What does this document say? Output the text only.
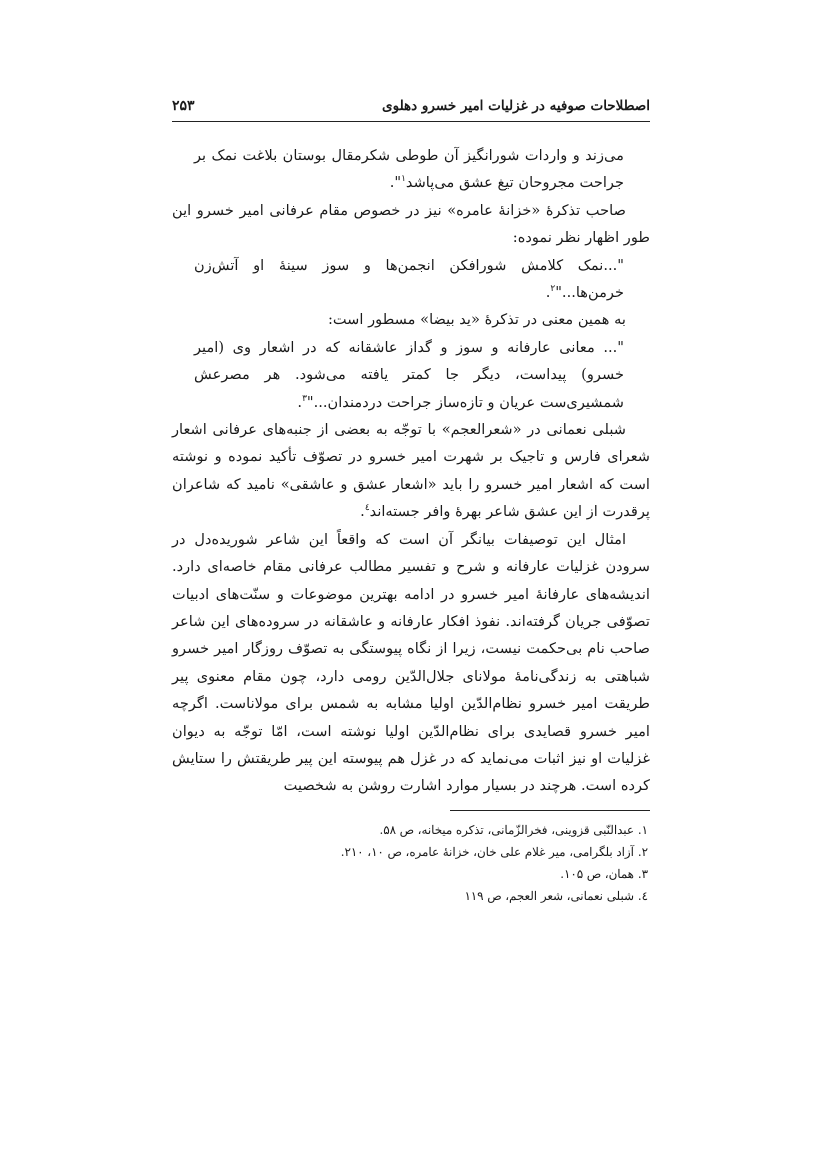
اصطلاحات صوفیه در غزلیات امیر خسرو دهلوی
۲۵۳

می‌زند و واردات شورانگیز آن طوطی شکرمقال بوستان بلاغت نمک بر جراحت مجروحان تیغ عشق می‌پاشد$^۱$".

صاحب تذکرهٔ «خزانهٔ عامره» نیز در خصوص مقام عرفانی امیر خسرو این طور اظهار نظر نموده:

"...نمک کلامش شورافکن انجمن‌ها و سوز سینهٔ او آتش‌زن خرمن‌ها..."$^۲$.

به همین معنی در تذکرهٔ «ید بیضا» مسطور است:

"... معانی عارفانه و سوز و گداز عاشقانه که در اشعار وی (امیر خسرو) پیداست، دیگر جا کمتر یافته می‌شود. هر مصرعش شمشیری‌ست عریان و تازه‌ساز جراحت دردمندان..."$^۳$.

شبلی نعمانی در «شعرالعجم» با توجّه به بعضی از جنبه‌های عرفانی اشعار شعرای فارس و تاجیک بر شهرت امیر خسرو در تصوّف تأکید نموده و نوشته است که اشعار امیر خسرو را باید «اشعار عشق و عاشقی» نامید که شاعران پرقدرت از این عشق شاعر بهرهٔ وافر جسته‌اند$^٤$.

امثال این توصیفات بیانگر آن است که واقعاً این شاعر شوریده‌دل در سرودن غزلیات عارفانه و شرح و تفسیر مطالب عرفانی مقام خاصه‌ای دارد. اندیشه‌های عارفانهٔ امیر خسرو در ادامه بهترین موضوعات و سنّت‌های ادبیات تصوّفی جریان گرفته‌اند. نفوذ افکار عارفانه و عاشقانه در سروده‌های این شاعر صاحب نام بی‌حکمت نیست، زیرا از نگاه پیوستگی به تصوّف روزگار امیر خسرو شباهتی به زندگی‌نامهٔ مولانای جلال‌الدّین رومی دارد، چون مقام معنوی پیر طریقت امیر خسرو نظام‌الدّین اولیا مشابه به شمس برای مولاناست. اگرچه امیر خسرو قصایدی برای نظام‌الدّین اولیا نوشته است، امّا توجّه به دیوان غزلیات او نیز اثبات می‌نماید که در غزل هم پیوسته این پیر طریقتش را ستایش کرده است. هرچند در بسیار موارد اشارت روشن به شخصیت

۱.عبدالنّبی قزوینی، فخرالزّمانی، تذکره میخانه، ص ۵۸.
۲.آزاد بلگرامی، میر غلام علی خان، خزانهٔ عامره، ص ۱۰، ۲۱۰.
۳.همان، ص ۱۰۵.
٤.شبلی نعمانی، شعر العجم، ص ۱۱۹
